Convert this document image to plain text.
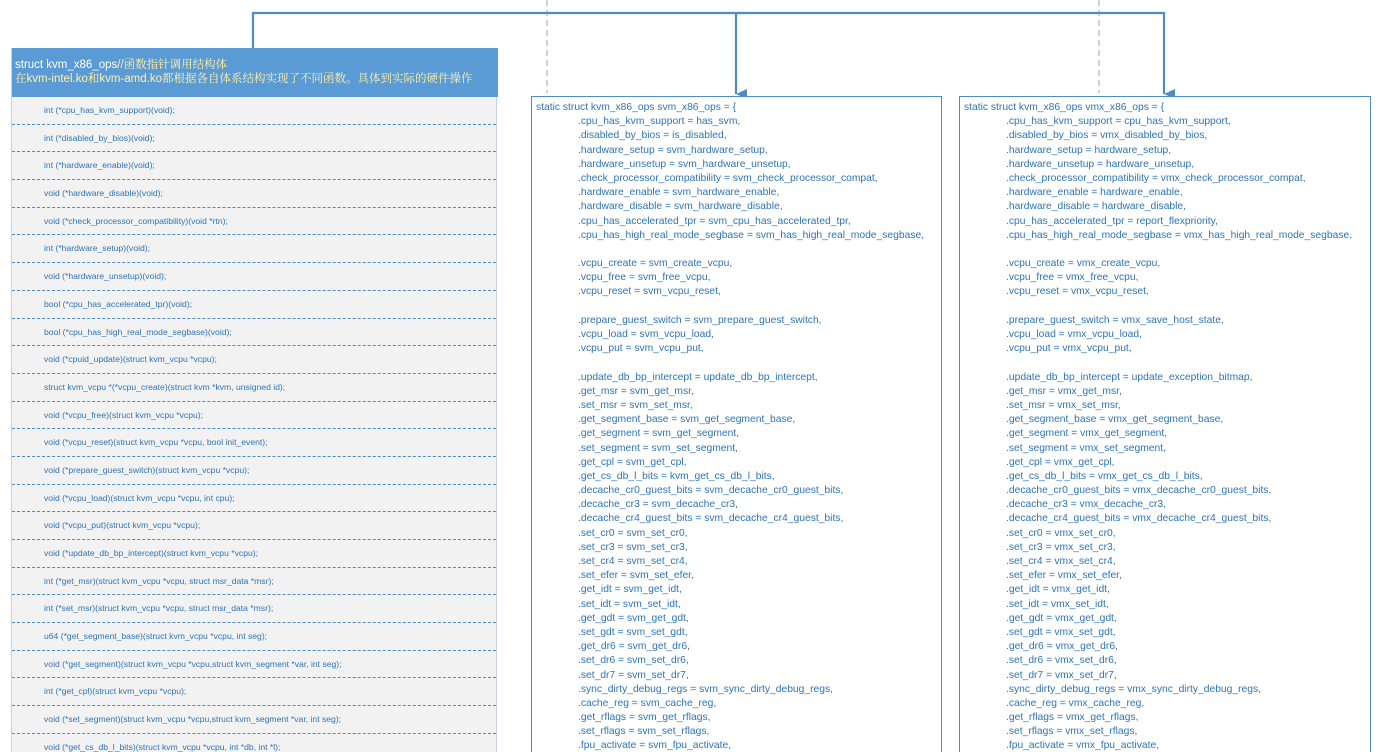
struct kvm_x86_ops//函数指针调用结构体
在kvm-intel.ko和kvm-amd.ko都根据各自体系结构实现了不同函数。具体到实际的硬件操作
int (*cpu_has_kvm_support)(void);
int (*disabled_by_bios)(void);
int (*hardware_enable)(void);
void (*hardware_disable)(void);
void (*check_processor_compatibility)(void *rtn);
int (*hardware_setup)(void);
void (*hardware_unsetup)(void);
bool (*cpu_has_accelerated_tpr)(void);
bool (*cpu_has_high_real_mode_segbase)(void);
void (*cpuid_update)(struct kvm_vcpu *vcpu);
struct kvm_vcpu *(*vcpu_create)(struct kvm *kvm, unsigned id);
void (*vcpu_free)(struct kvm_vcpu *vcpu);
void (*vcpu_reset)(struct kvm_vcpu *vcpu, bool init_event);
void (*prepare_guest_switch)(struct kvm_vcpu *vcpu);
void (*vcpu_load)(struct kvm_vcpu *vcpu, int cpu);
void (*vcpu_put)(struct kvm_vcpu *vcpu);
void (*update_db_bp_intercept)(struct kvm_vcpu *vcpu);
int (*get_msr)(struct kvm_vcpu *vcpu, struct msr_data *msr);
int (*set_msr)(struct kvm_vcpu *vcpu, struct msr_data *msr);
u64 (*get_segment_base)(struct kvm_vcpu *vcpu, int seg);
void (*get_segment)(struct kvm_vcpu *vcpu,struct kvm_segment *var, int seg);
int (*get_cpl)(struct kvm_vcpu *vcpu);
void (*set_segment)(struct kvm_vcpu *vcpu,struct kvm_segment *var, int seg);
void (*get_cs_db_l_bits)(struct kvm_vcpu *vcpu, int *db, int *l);
static struct kvm_x86_ops svm_x86_ops = {
.cpu_has_kvm_support = has_svm,
.disabled_by_bios = is_disabled,
.hardware_setup = svm_hardware_setup,
.hardware_unsetup = svm_hardware_unsetup,
.check_processor_compatibility = svm_check_processor_compat,
.hardware_enable = svm_hardware_enable,
.hardware_disable = svm_hardware_disable,
.cpu_has_accelerated_tpr = svm_cpu_has_accelerated_tpr,
.cpu_has_high_real_mode_segbase = svm_has_high_real_mode_segbase,
.vcpu_create = svm_create_vcpu,
.vcpu_free = svm_free_vcpu,
.vcpu_reset = svm_vcpu_reset,
.prepare_guest_switch = svm_prepare_guest_switch,
.vcpu_load = svm_vcpu_load,
.vcpu_put = svm_vcpu_put,
.update_db_bp_intercept = update_db_bp_intercept,
.get_msr = svm_get_msr,
.set_msr = svm_set_msr,
.get_segment_base = svm_get_segment_base,
.get_segment = svm_get_segment,
.set_segment = svm_set_segment,
.get_cpl = svm_get_cpl,
.get_cs_db_l_bits = kvm_get_cs_db_l_bits,
.decache_cr0_guest_bits = svm_decache_cr0_guest_bits,
.decache_cr3 = svm_decache_cr3,
.decache_cr4_guest_bits = svm_decache_cr4_guest_bits,
.set_cr0 = svm_set_cr0,
.set_cr3 = svm_set_cr3,
.set_cr4 = svm_set_cr4,
.set_efer = svm_set_efer,
.get_idt = svm_get_idt,
.set_idt = svm_set_idt,
.get_gdt = svm_get_gdt,
.set_gdt = svm_set_gdt,
.get_dr6 = svm_get_dr6,
.set_dr6 = svm_set_dr6,
.set_dr7 = svm_set_dr7,
.sync_dirty_debug_regs = svm_sync_dirty_debug_regs,
.cache_reg = svm_cache_reg,
.get_rflags = svm_get_rflags,
.set_rflags = svm_set_rflags,
.fpu_activate = svm_fpu_activate,
static struct kvm_x86_ops vmx_x86_ops = {
.cpu_has_kvm_support = cpu_has_kvm_support,
.disabled_by_bios = vmx_disabled_by_bios,
.hardware_setup = hardware_setup,
.hardware_unsetup = hardware_unsetup,
.check_processor_compatibility = vmx_check_processor_compat,
.hardware_enable = hardware_enable,
.hardware_disable = hardware_disable,
.cpu_has_accelerated_tpr = report_flexpriority,
.cpu_has_high_real_mode_segbase = vmx_has_high_real_mode_segbase,
.vcpu_create = vmx_create_vcpu,
.vcpu_free = vmx_free_vcpu,
.vcpu_reset = vmx_vcpu_reset,
.prepare_guest_switch = vmx_save_host_state,
.vcpu_load = vmx_vcpu_load,
.vcpu_put = vmx_vcpu_put,
.update_db_bp_intercept = update_exception_bitmap,
.get_msr = vmx_get_msr,
.set_msr = vmx_set_msr,
.get_segment_base = vmx_get_segment_base,
.get_segment = vmx_get_segment,
.set_segment = vmx_set_segment,
.get_cpl = vmx_get_cpl,
.get_cs_db_l_bits = vmx_get_cs_db_l_bits,
.decache_cr0_guest_bits = vmx_decache_cr0_guest_bits,
.decache_cr3 = vmx_decache_cr3,
.decache_cr4_guest_bits = vmx_decache_cr4_guest_bits,
.set_cr0 = vmx_set_cr0,
.set_cr3 = vmx_set_cr3,
.set_cr4 = vmx_set_cr4,
.set_efer = vmx_set_efer,
.get_idt = vmx_get_idt,
.set_idt = vmx_set_idt,
.get_gdt = vmx_get_gdt,
.set_gdt = vmx_set_gdt,
.get_dr6 = vmx_get_dr6,
.set_dr6 = vmx_set_dr6,
.set_dr7 = vmx_set_dr7,
.sync_dirty_debug_regs = vmx_sync_dirty_debug_regs,
.cache_reg = vmx_cache_reg,
.get_rflags = vmx_get_rflags,
.set_rflags = vmx_set_rflags,
.fpu_activate = vmx_fpu_activate,
